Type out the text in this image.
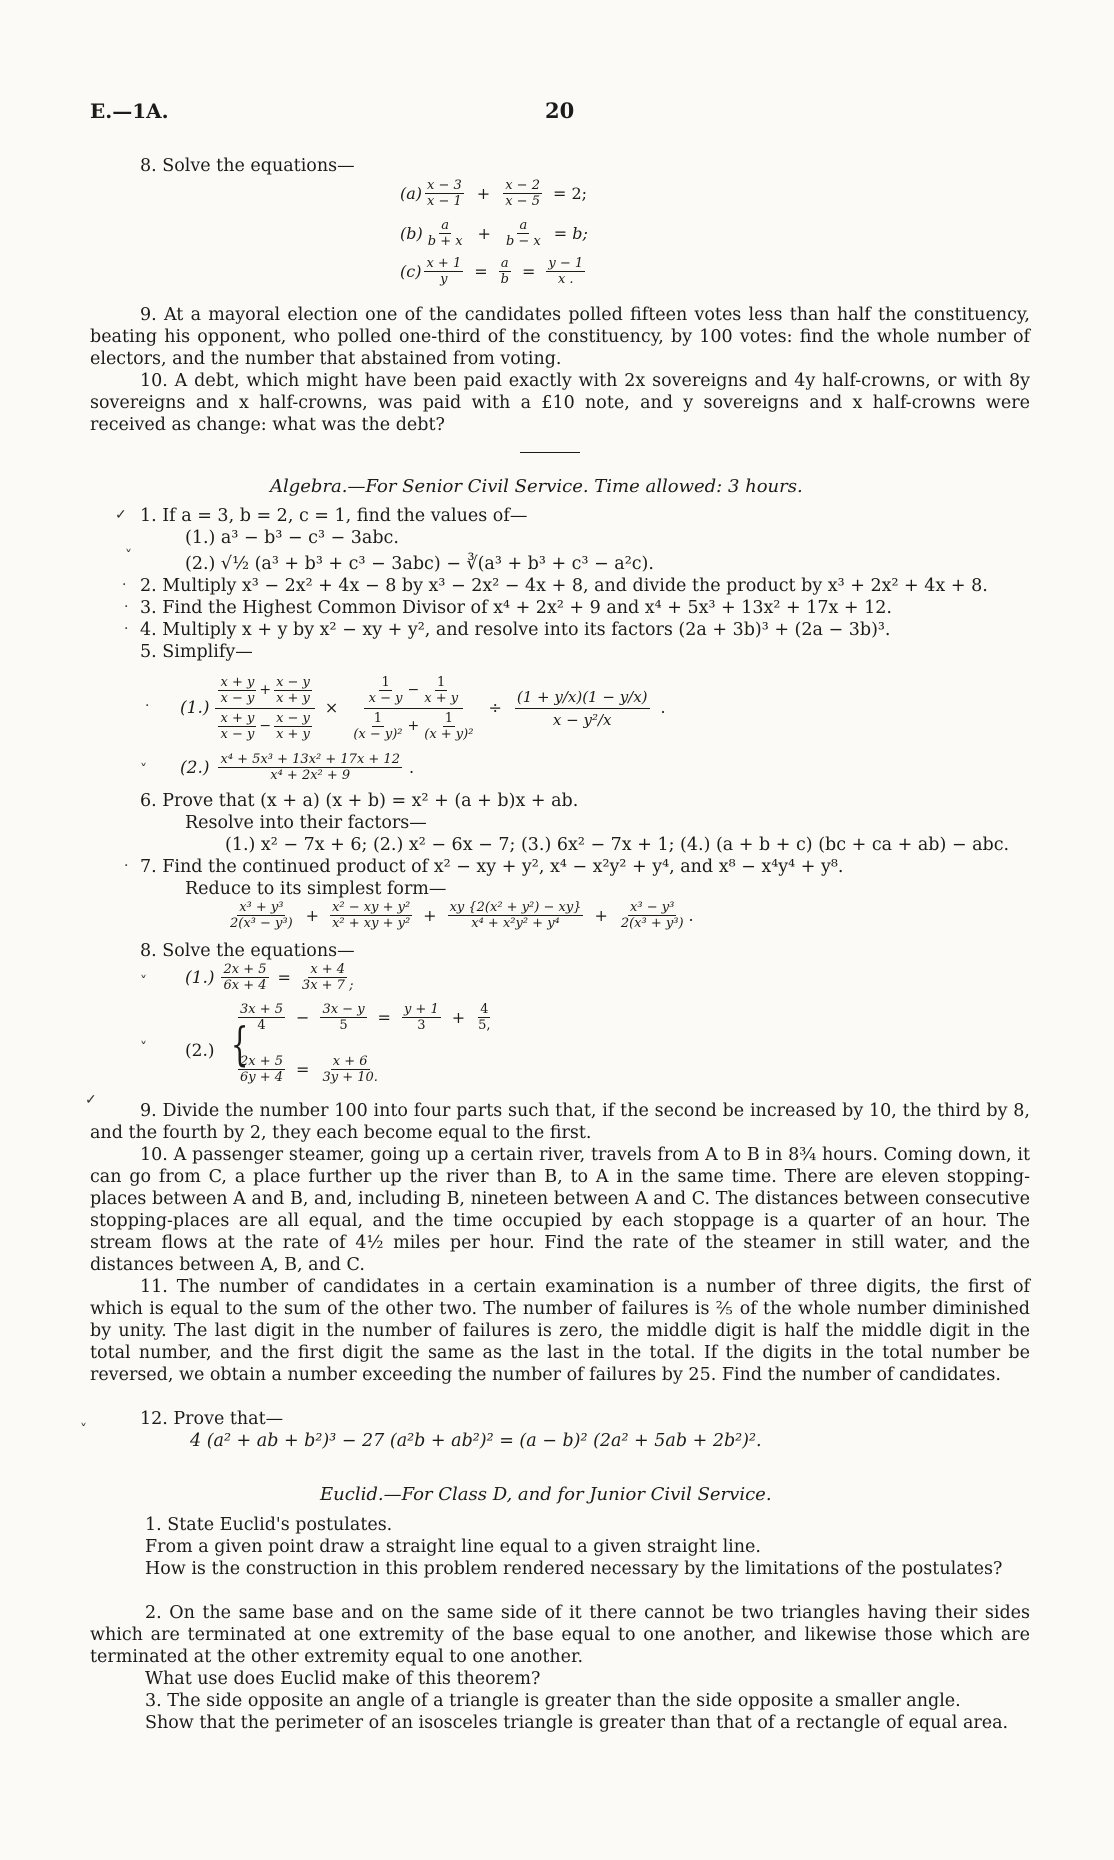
E.—1A.	20
8. Solve the equations—
$(a) \frac{x - 3}{x - 1} + \frac{x - 2}{x - 5} = 2$;
$(b) \frac{a}{b + x} + \frac{a}{b - x} = b$;
$(c) \frac{x + 1}{y} = \frac{a}{b} = \frac{y - 1}{x .}$
9. At a mayoral election one of the candidates polled fifteen votes less than half the constituency, beating his opponent, who polled one-third of the constituency, by 100 votes: find the whole number of electors, and the number that abstained from voting.
10. A debt, which might have been paid exactly with 2x sovereigns and 4y half-crowns, or with 8y sovereigns and x half-crowns, was paid with a £10 note, and y sovereigns and x half-crowns were received as change: what was the debt?
Algebra.—For Senior Civil Service. Time allowed: 3 hours.
✓ 1. If a = 3, b = 2, c = 1, find the values of—
(1.) a³ − b³ − c³ − 3abc.
˅	(2.) √½ (a³ + b³ + c³ − 3abc) − ∛(a³ + b³ + c³ − a²c).
· 2. Multiply x³ − 2x² + 4x − 8 by x³ − 2x² − 4x + 8, and divide the product by x³ + 2x² + 4x + 8.
· 3. Find the Highest Common Divisor of x⁴ + 2x² + 9 and x⁴ + 5x³ + 13x² + 17x + 12.
· 4. Multiply x + y by x² − xy + y², and resolve into its factors (2a + 3b)³ + (2a − 3b)³.
5. Simplify—
$(1.) \frac{\frac{x + y}{x - y} + \frac{x - y}{x + y}}{\frac{x + y}{x - y} - \frac{x - y}{x + y}} \times \frac{\frac{1}{x - y} - \frac{1}{x + y}}{\frac{1}{\text{(x − y)²}} + \frac{1}{\text{(x + y)²}}} \div \frac{(1 + y/x)(1 - y/x)}{\text{x − y²/x}}$ .
·
$(2.) \frac{\text{x⁴ + 5x³ + 13x² + 17x + 12}}{\text{x⁴ + 2x² + 9}}$ .
˅
6. Prove that (x + a) (x + b) = x² + (a + b)x + ab.
Resolve into their factors—
(1.) x² − 7x + 6; (2.) x² − 6x − 7; (3.) 6x² − 7x + 1; (4.) (a + b + c) (bc + ca + ab) − abc.
· 7. Find the continued product of x² − xy + y², x⁴ − x²y² + y⁴, and x⁸ − x⁴y⁴ + y⁸.
Reduce to its simplest form—
$\frac{\text{x³ + y³}}{\text{2(x³ − y³)}} + \frac{\text{x² − xy + y²}}{\text{x² + xy + y²}} + \frac{\text{xy \{2(x² + y²) − xy\}}}{\text{x⁴ + x²y² + y⁴}} + \frac{\text{x³ − y³}}{\text{2(x³ + y³)}}$ .
8. Solve the equations—
$(1.) \frac{2x + 5}{6x + 4} = \frac{x + 4}{3x + 7 ;}$
˅
(2.) {
$\frac{3x + 5}{4} - \frac{3x - y}{5} = \frac{y + 1}{3} + \frac{4}{5,}$
$\frac{2x + 5}{6y + 4} = \frac{x + 6}{3y + 10.}$
˅
✓
9. Divide the number 100 into four parts such that, if the second be increased by 10, the third by 8, and the fourth by 2, they each become equal to the first.
10. A passenger steamer, going up a certain river, travels from A to B in 8¾ hours. Coming down, it can go from C, a place further up the river than B, to A in the same time. There are eleven stopping-places between A and B, and, including B, nineteen between A and C. The distances between consecutive stopping-places are all equal, and the time occupied by each stoppage is a quarter of an hour. The stream flows at the rate of 4½ miles per hour. Find the rate of the steamer in still water, and the distances between A, B, and C.
11. The number of candidates in a certain examination is a number of three digits, the first of which is equal to the sum of the other two. The number of failures is ⅖ of the whole number diminished by unity. The last digit in the number of failures is zero, the middle digit is half the middle digit in the total number, and the first digit the same as the last in the total. If the digits in the total number be reversed, we obtain a number exceeding the number of failures by 25. Find the number of candidates.
12. Prove that—
˅
4 (a² + ab + b²)³ − 27 (a²b + ab²)² = (a − b)² (2a² + 5ab + 2b²)².
Euclid.—For Class D, and for Junior Civil Service.
1. State Euclid's postulates.
From a given point draw a straight line equal to a given straight line.
How is the construction in this problem rendered necessary by the limitations of the postulates?
2. On the same base and on the same side of it there cannot be two triangles having their sides which are terminated at one extremity of the base equal to one another, and likewise those which are terminated at the other extremity equal to one another.
What use does Euclid make of this theorem?
3. The side opposite an angle of a triangle is greater than the side opposite a smaller angle.
Show that the perimeter of an isosceles triangle is greater than that of a rectangle of equal area.
